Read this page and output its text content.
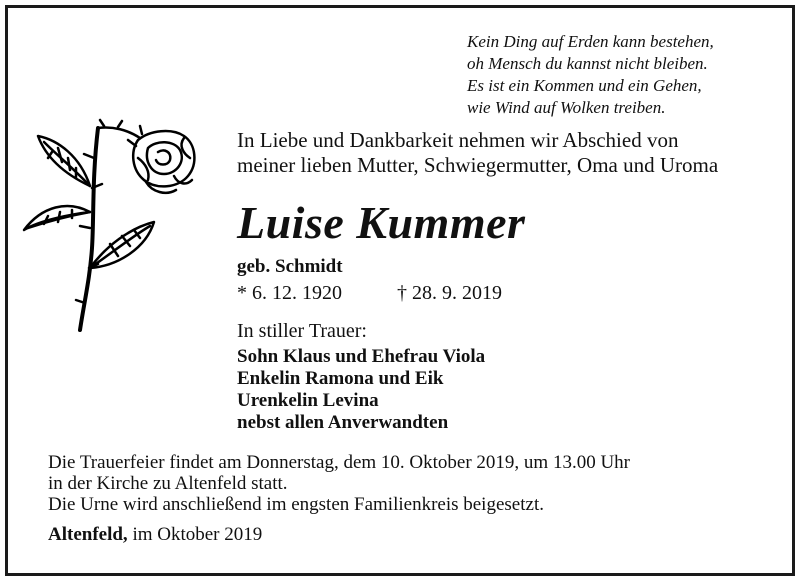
Kein Ding auf Erden kann bestehen,
oh Mensch du kannst nicht bleiben.
Es ist ein Kommen und ein Gehen,
wie Wind auf Wolken treiben.
In Liebe und Dankbarkeit nehmen wir Abschied von
meiner lieben Mutter, Schwiegermutter, Oma und Uroma
Luise Kummer
geb. Schmidt
* 6. 12. 1920	† 28. 9. 2019
In stiller Trauer:
Sohn Klaus und Ehefrau Viola
Enkelin Ramona und Eik
Urenkelin Levina
nebst allen Anverwandten
Die Trauerfeier findet am Donnerstag, dem 10. Oktober 2019, um 13.00 Uhr
in der Kirche zu Altenfeld statt.
Die Urne wird anschließend im engsten Familienkreis beigesetzt.
Altenfeld, im Oktober 2019
